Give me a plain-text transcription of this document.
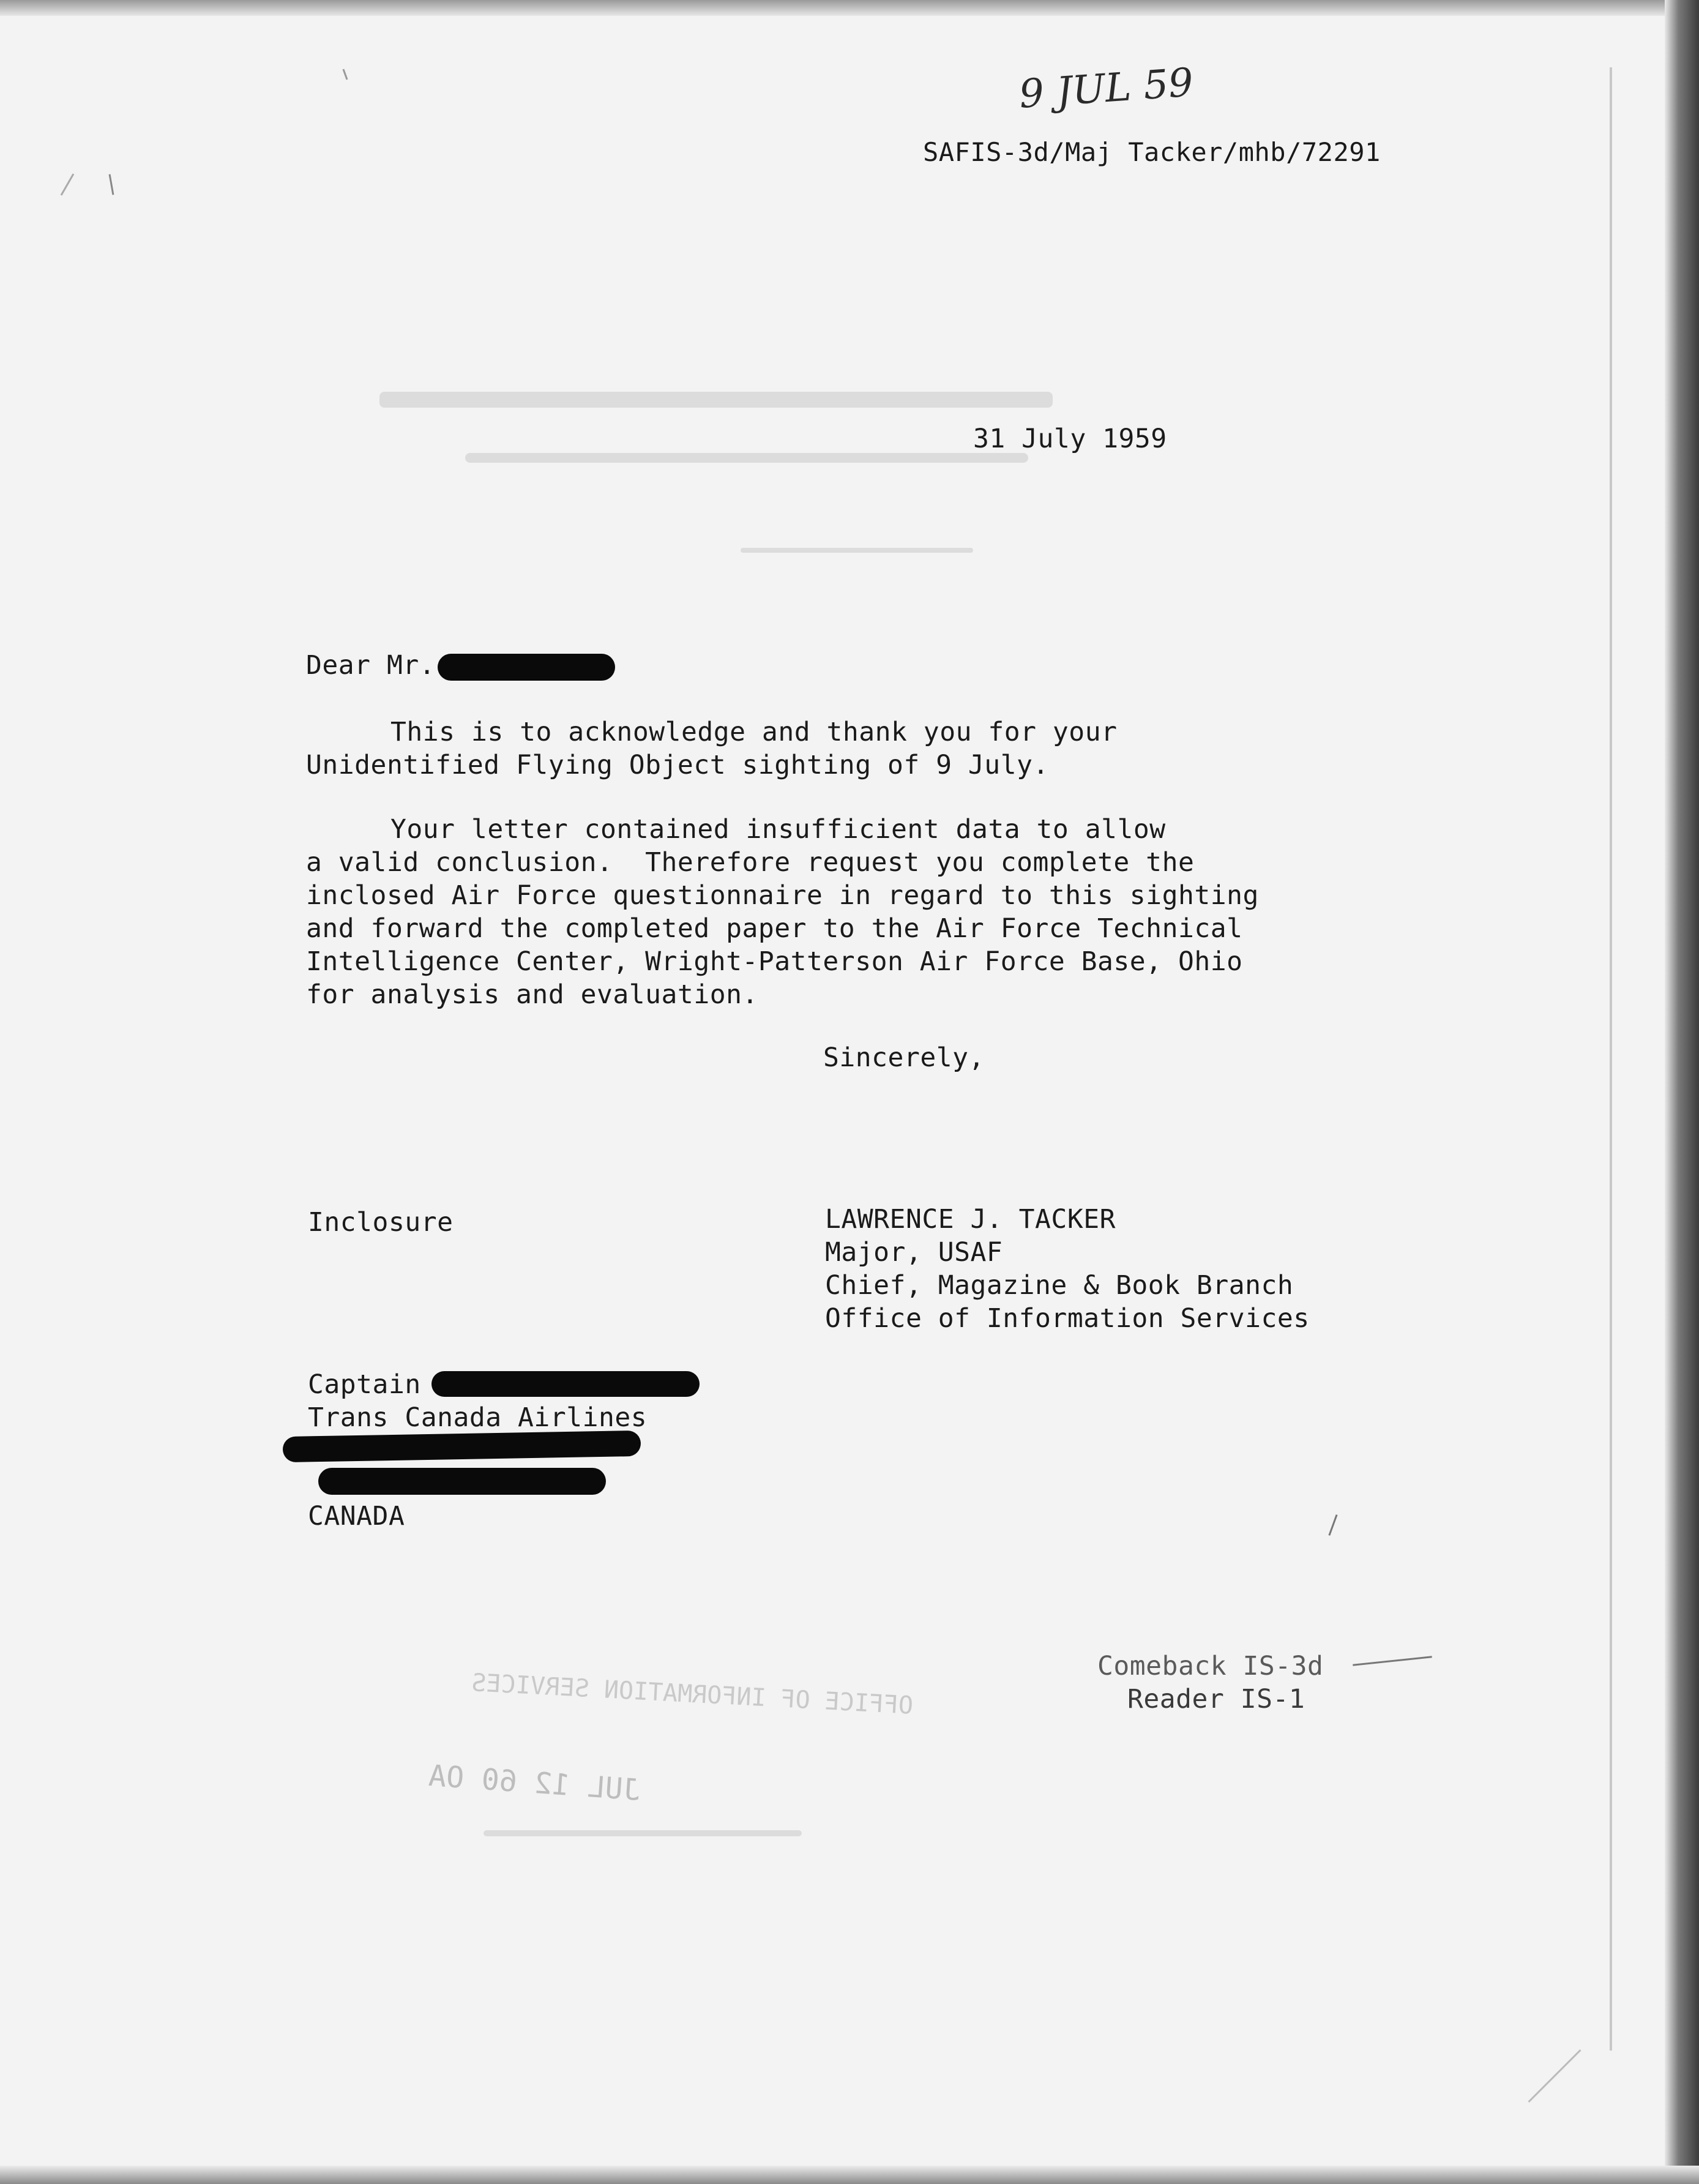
9 JUL 59
SAFIS-3d/Maj Tacker/mhb/72291
31 July 1959
Dear Mr.
This is to acknowledge and thank you for your
Unidentified Flying Object sighting of 9 July.
Your letter contained insufficient data to allow
a valid conclusion.  Therefore request you complete the
inclosed Air Force questionnaire in regard to this sighting
and forward the completed paper to the Air Force Technical
Intelligence Center, Wright-Patterson Air Force Base, Ohio
for analysis and evaluation.
Sincerely,
Inclosure	LAWRENCE J. TACKER
Major, USAF
Chief, Magazine & Book Branch
Office of Information Services
Captain
Trans Canada Airlines
CANADA
Comeback IS-3d
Reader IS-1
OFFICE OF INFORMATION SERVICES
JUL 12 60 OA
